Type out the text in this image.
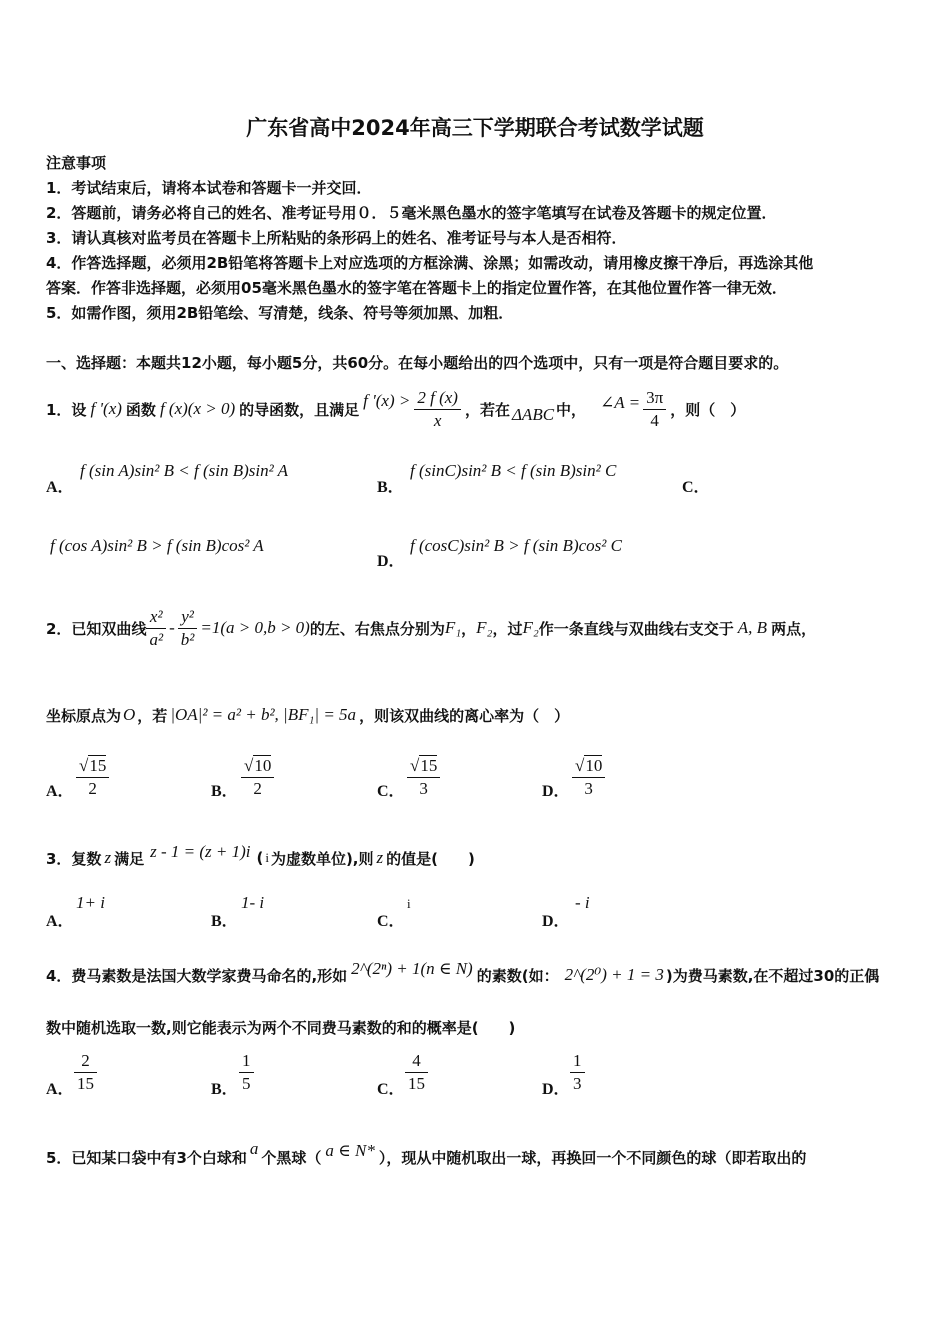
广东省高中2024年高三下学期联合考试数学试题
注意事项
1．考试结束后，请将本试卷和答题卡一并交回．
2．答题前，请务必将自己的姓名、准考证号用０．５毫米黑色墨水的签字笔填写在试卷及答题卡的规定位置．
3．请认真核对监考员在答题卡上所粘贴的条形码上的姓名、准考证号与本人是否相符．
4．作答选择题，必须用2B铅笔将答题卡上对应选项的方框涂满、涂黑；如需改动，请用橡皮擦干净后，再选涂其他
答案．作答非选择题，必须用05毫米黑色墨水的签字笔在答题卡上的指定位置作答，在其他位置作答一律无效．
5．如需作图，须用2B铅笔绘、写清楚，线条、符号等须加黑、加粗．
一、选择题：本题共12小题，每小题5分，共60分。在每小题给出的四个选项中，只有一项是符合题目要求的。
1．设 f '(x) 函数 f (x)(x > 0) 的导函数，且满足 f '$(x) > \frac{2 f (x)}{x}$ ，若在 ΔABC 中， ∠A = $\frac{3\pi}{4}$ ，则（　）
A．
f (sin A)sin² B < f (sin B)sin² A
B．
f (sinC)sin² B < f (sin B)sin² C
C．
f (cos A)sin² B > f (sin B)cos² A
D．
f (cosC)sin² B > f (sin B)cos² C
2．已知双曲线 $\frac{\text{x²}}{\text{a²}} - \frac{\text{y²}}{\text{b²}} =1(a > 0,b > 0)$ 的左、右焦点分别为 F₁ ， F₂ ，过 F₂ 作一条直线与双曲线右支交于 A, B 两点，
坐标原点为 O ，若 |OA|² = a² + b², |BF₁| = 5a ，则该双曲线的离心率为（　）
A． $\frac{√15}{2}$	B． $\frac{√10}{2}$	C． $\frac{√15}{3}$	D． $\frac{√10}{3}$
3．复数 z 满足 z - 1 = (z + 1)i ( i 为虚数单位),则 z 的值是(　　)
A．
1+ i
B．
1- i
C．
i
D．
- i
4．费马素数是法国大数学家费马命名的,形如 2^(2ⁿ) + 1(n ∈ N) 的素数(如： 2^(2⁰) + 1 = 3 )为费马素数,在不超过30的正偶
数中随机选取一数,则它能表示为两个不同费马素数的和的概率是(　　)
A． $\frac{2}{15}$	B． $\frac{1}{5}$	C． $\frac{4}{15}$	D． $\frac{1}{3}$
5．已知某口袋中有3个白球和 a 个黑球（ a ∈ N* ），现从中随机取出一球，再换回一个不同颜色的球（即若取出的
